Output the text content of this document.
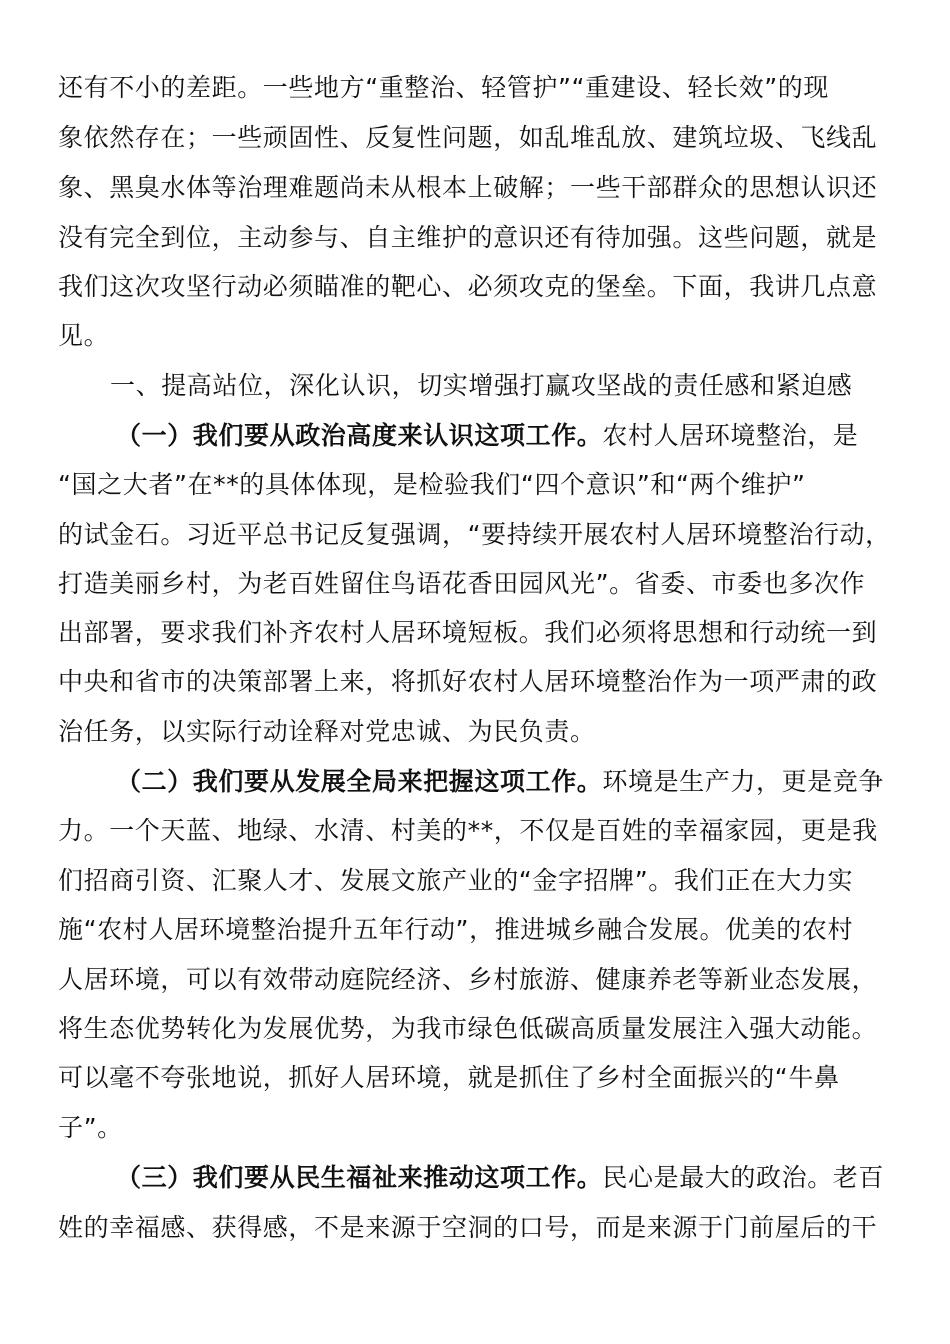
还有不小的差距。一些地方“重整治、轻管护”“重建设、轻长效”的现
象依然存在；一些顽固性、反复性问题，如乱堆乱放、建筑垃圾、飞线乱
象、黑臭水体等治理难题尚未从根本上破解；一些干部群众的思想认识还
没有完全到位，主动参与、自主维护的意识还有待加强。这些问题，就是
我们这次攻坚行动必须瞄准的靶心、必须攻克的堡垒。下面，我讲几点意
见。
一、提高站位，深化认识，切实增强打赢攻坚战的责任感和紧迫感
（一）我们要从政治高度来认识这项工作。农村人居环境整治，是
“国之大者”在**的具体体现，是检验我们“四个意识”和“两个维护”
的试金石。习近平总书记反复强调，“要持续开展农村人居环境整治行动，
打造美丽乡村，为老百姓留住鸟语花香田园风光”。省委、市委也多次作
出部署，要求我们补齐农村人居环境短板。我们必须将思想和行动统一到
中央和省市的决策部署上来，将抓好农村人居环境整治作为一项严肃的政
治任务，以实际行动诠释对党忠诚、为民负责。
（二）我们要从发展全局来把握这项工作。环境是生产力，更是竞争
力。一个天蓝、地绿、水清、村美的**，不仅是百姓的幸福家园，更是我
们招商引资、汇聚人才、发展文旅产业的“金字招牌”。我们正在大力实
施“农村人居环境整治提升五年行动”，推进城乡融合发展。优美的农村
人居环境，可以有效带动庭院经济、乡村旅游、健康养老等新业态发展，
将生态优势转化为发展优势，为我市绿色低碳高质量发展注入强大动能。
可以毫不夸张地说，抓好人居环境，就是抓住了乡村全面振兴的“牛鼻
子”。
（三）我们要从民生福祉来推动这项工作。民心是最大的政治。老百
姓的幸福感、获得感，不是来源于空洞的口号，而是来源于门前屋后的干
